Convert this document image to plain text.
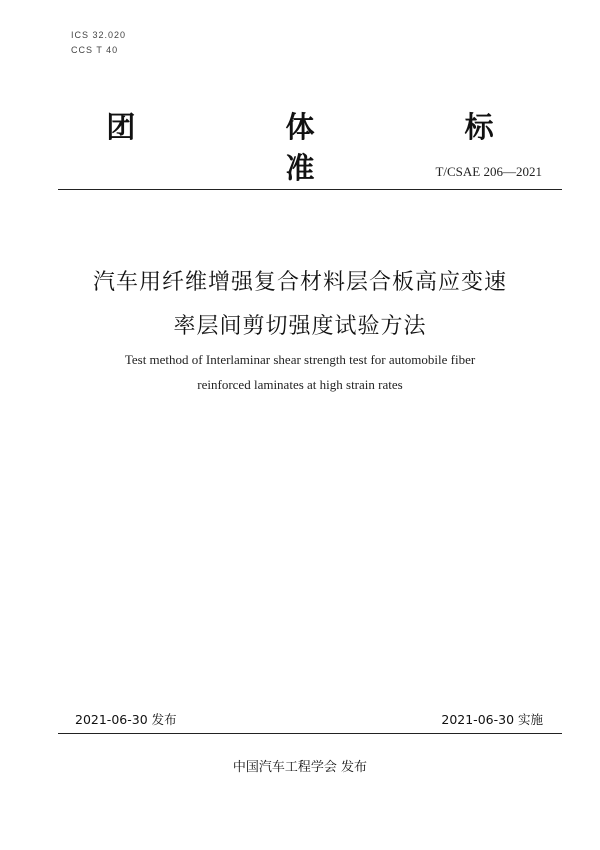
ICS 32.020
CCS T 40
团 体 标 准	T/CSAE 206—2021
汽车用纤维增强复合材料层合板高应变速
率层间剪切强度试验方法
Test method of Interlaminar shear strength test for automobile fiber
reinforced laminates at high strain rates
2021-06-30 发布	2021-06-30 实施
中国汽车工程学会 发布
